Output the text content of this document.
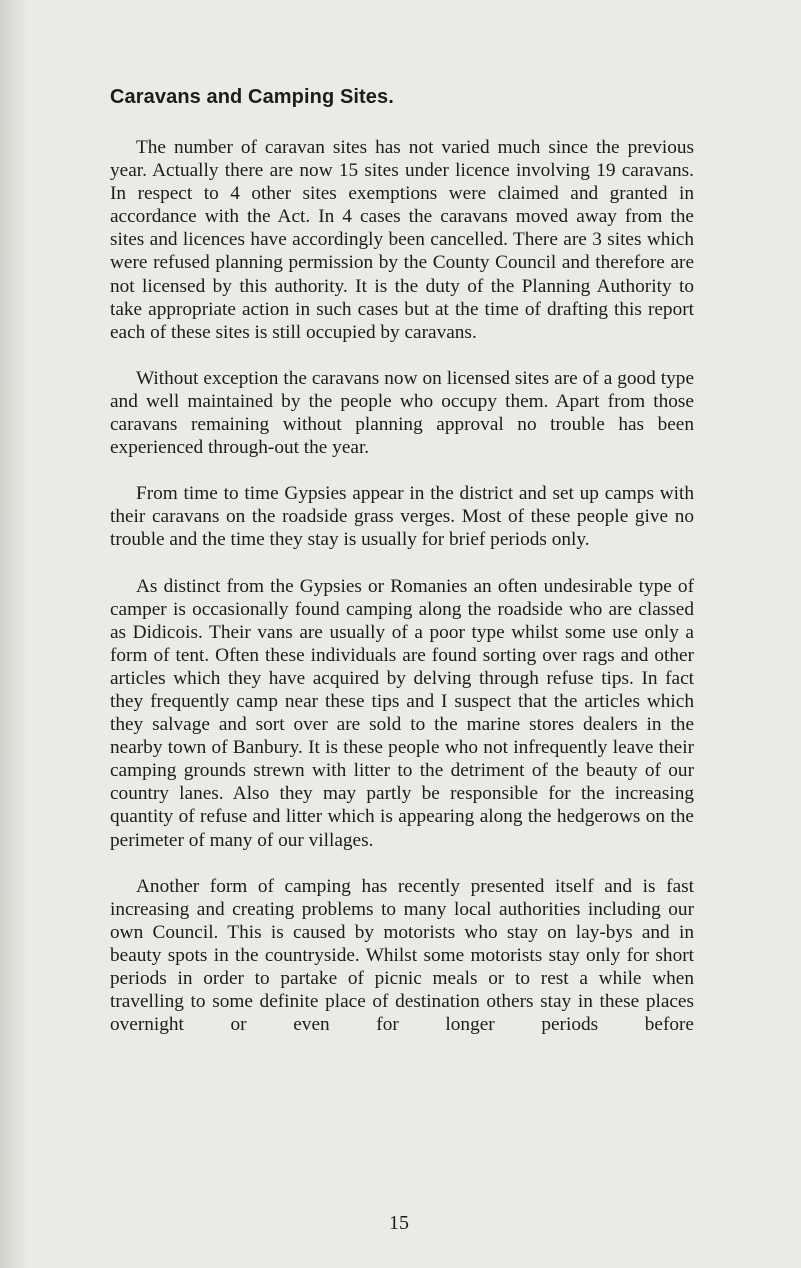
Caravans and Camping Sites.

The number of caravan sites has not varied much since the previous year. Actually there are now 15 sites under licence involving 19 caravans. In respect to 4 other sites exemptions were claimed and granted in accordance with the Act. In 4 cases the caravans moved away from the sites and licences have accordingly been cancelled. There are 3 sites which were refused planning permission by the County Council and therefore are not licensed by this authority. It is the duty of the Planning Authority to take appropriate action in such cases but at the time of drafting this report each of these sites is still occupied by caravans.

Without exception the caravans now on licensed sites are of a good type and well maintained by the people who occupy them. Apart from those caravans remaining without planning approval no trouble has been experienced through-out the year.

From time to time Gypsies appear in the district and set up camps with their caravans on the roadside grass verges. Most of these people give no trouble and the time they stay is usually for brief periods only.

As distinct from the Gypsies or Romanies an often undesirable type of camper is occasionally found camping along the roadside who are classed as Didicois. Their vans are usually of a poor type whilst some use only a form of tent. Often these individuals are found sorting over rags and other articles which they have acquired by delving through refuse tips. In fact they frequently camp near these tips and I suspect that the articles which they salvage and sort over are sold to the marine stores dealers in the nearby town of Banbury. It is these people who not infrequently leave their camping grounds strewn with litter to the detriment of the beauty of our country lanes. Also they may partly be responsible for the increasing quantity of refuse and litter which is appearing along the hedgerows on the perimeter of many of our villages.

Another form of camping has recently presented itself and is fast increasing and creating problems to many local authorities including our own Council. This is caused by motorists who stay on lay-bys and in beauty spots in the countryside. Whilst some motorists stay only for short periods in order to partake of picnic meals or to rest a while when travelling to some definite place of destination others stay in these places overnight or even for longer periods before

15
